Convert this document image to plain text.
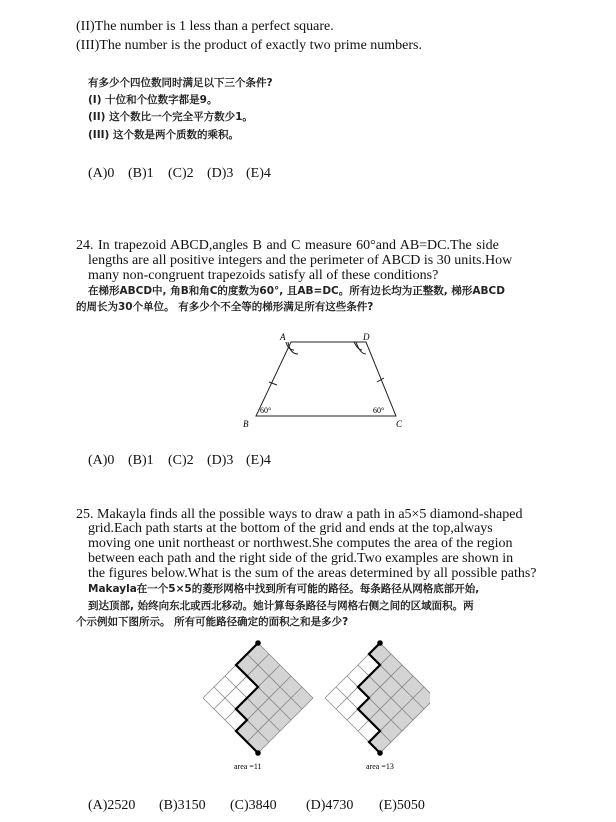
(II)The number is 1 less than a perfect square.
(III)The number is the product of exactly two prime numbers.
有多少个四位数同时满足以下三个条件?
(I) 十位和个位数字都是9。
(II) 这个数比一个完全平方数少1。
(III) 这个数是两个质数的乘积。
(A)0 (B)1 (C)2 (D)3 (E)4
24. In trapezoid ABCD,angles B and C measure 60°and AB=DC.The side
lengths are all positive integers and the perimeter of ABCD is 30 units.How
many non-congruent trapezoids satisfy all of these conditions?
在梯形ABCD中, 角B和角C的度数为60°, 且AB=DC。所有边长均为正整数, 梯形ABCD
的周长为30个单位。 有多少个不全等的梯形满足所有这些条件?
A	D
B	C
60°	60°
(A)0 (B)1 (C)2 (D)3 (E)4
25. Makayla finds all the possible ways to draw a path in a5×5 diamond-shaped
grid.Each path starts at the bottom of the grid and ends at the top,always
moving one unit northeast or northwest.She computes the area of the region
between each path and the right side of the grid.Two examples are shown in
the figures below.What is the sum of the areas determined by all possible paths?
Makayla在一个5×5的菱形网格中找到所有可能的路径。每条路径从网格底部开始,
到达顶部, 始终向东北或西北移动。她计算每条路径与网格右侧之间的区域面积。两
个示例如下图所示。 所有可能路径确定的面积之和是多少?
area =11	area =13
(A)2520 (B)3150 (C)3840 (D)4730 (E)5050
